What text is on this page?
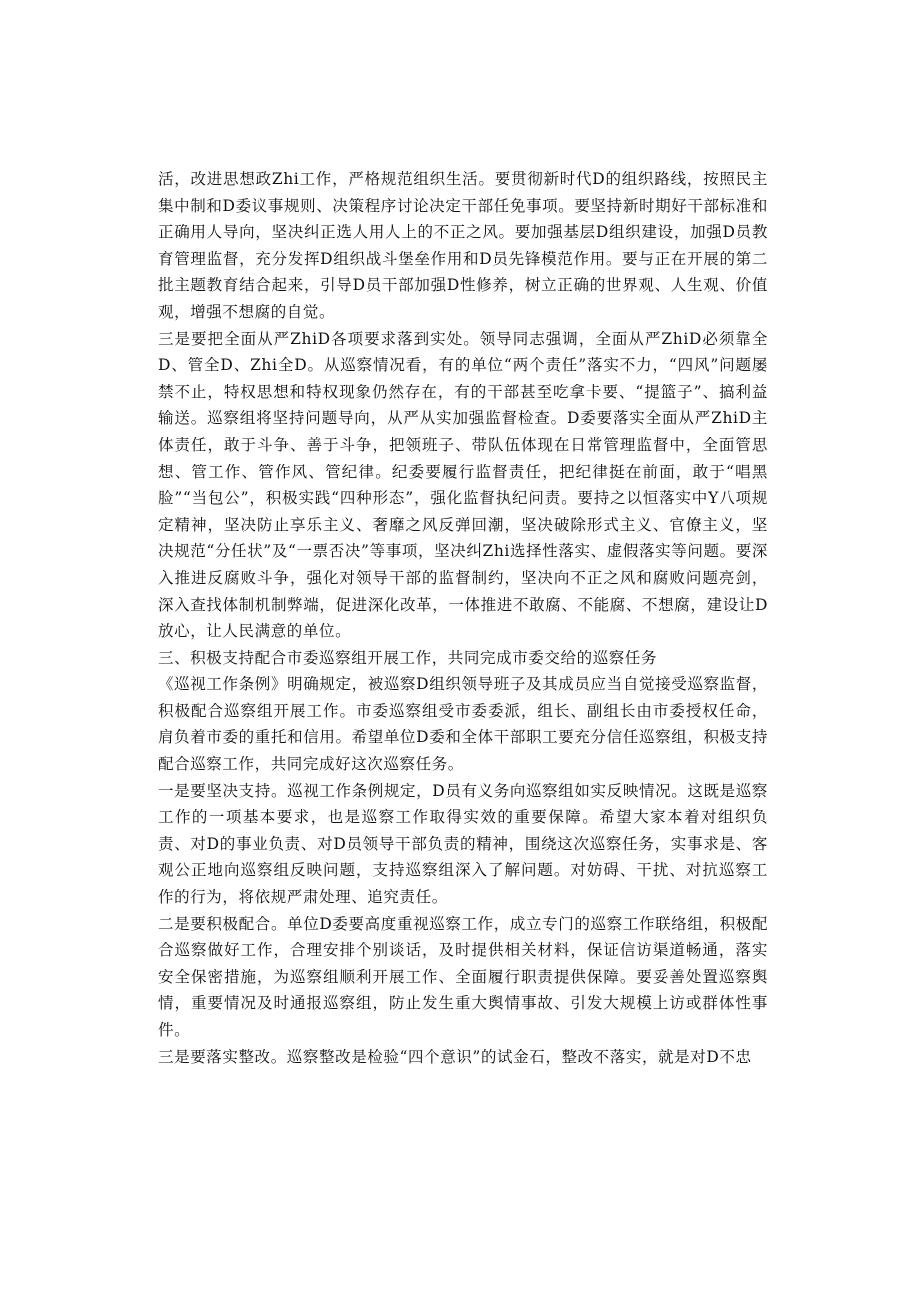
活，改进思想政Zhi工作，严格规范组织生活。要贯彻新时代D的组织路线，按照民主集中制和D委议事规则、决策程序讨论决定干部任免事项。要坚持新时期好干部标准和正确用人导向，坚决纠正选人用人上的不正之风。要加强基层D组织建设，加强D员教育管理监督，充分发挥D组织战斗堡垒作用和D员先锋模范作用。要与正在开展的第二批主题教育结合起来，引导D员干部加强D性修养，树立正确的世界观、人生观、价值观，增强不想腐的自觉。

三是要把全面从严ZhiD各项要求落到实处。领导同志强调，全面从严ZhiD必须靠全D、管全D、Zhi全D。从巡察情况看，有的单位“两个责任”落实不力，“四风”问题屡禁不止，特权思想和特权现象仍然存在，有的干部甚至吃拿卡要、“提篮子”、搞利益输送。巡察组将坚持问题导向，从严从实加强监督检查。D委要落实全面从严ZhiD主体责任，敢于斗争、善于斗争，把领班子、带队伍体现在日常管理监督中，全面管思想、管工作、管作风、管纪律。纪委要履行监督责任，把纪律挺在前面，敢于“唱黑脸”“当包公”，积极实践“四种形态”，强化监督执纪问责。要持之以恒落实中Y八项规定精神，坚决防止享乐主义、奢靡之风反弹回潮，坚决破除形式主义、官僚主义，坚决规范“分任状”及“一票否决”等事项，坚决纠Zhi选择性落实、虚假落实等问题。要深入推进反腐败斗争，强化对领导干部的监督制约，坚决向不正之风和腐败问题亮剑，深入查找体制机制弊端，促进深化改革，一体推进不敢腐、不能腐、不想腐，建设让D放心，让人民满意的单位。

三、积极支持配合市委巡察组开展工作，共同完成市委交给的巡察任务

《巡视工作条例》明确规定，被巡察D组织领导班子及其成员应当自觉接受巡察监督，积极配合巡察组开展工作。市委巡察组受市委委派，组长、副组长由市委授权任命，肩负着市委的重托和信用。希望单位D委和全体干部职工要充分信任巡察组，积极支持配合巡察工作，共同完成好这次巡察任务。

一是要坚决支持。巡视工作条例规定，D员有义务向巡察组如实反映情况。这既是巡察工作的一项基本要求，也是巡察工作取得实效的重要保障。希望大家本着对组织负责、对D的事业负责、对D员领导干部负责的精神，围绕这次巡察任务，实事求是、客观公正地向巡察组反映问题，支持巡察组深入了解问题。对妨碍、干扰、对抗巡察工作的行为，将依规严肃处理、追究责任。

二是要积极配合。单位D委要高度重视巡察工作，成立专门的巡察工作联络组，积极配合巡察做好工作，合理安排个别谈话，及时提供相关材料，保证信访渠道畅通，落实安全保密措施，为巡察组顺利开展工作、全面履行职责提供保障。要妥善处置巡察舆情，重要情况及时通报巡察组，防止发生重大舆情事故、引发大规模上访或群体性事件。

三是要落实整改。巡察整改是检验“四个意识”的试金石，整改不落实，就是对D不忠
